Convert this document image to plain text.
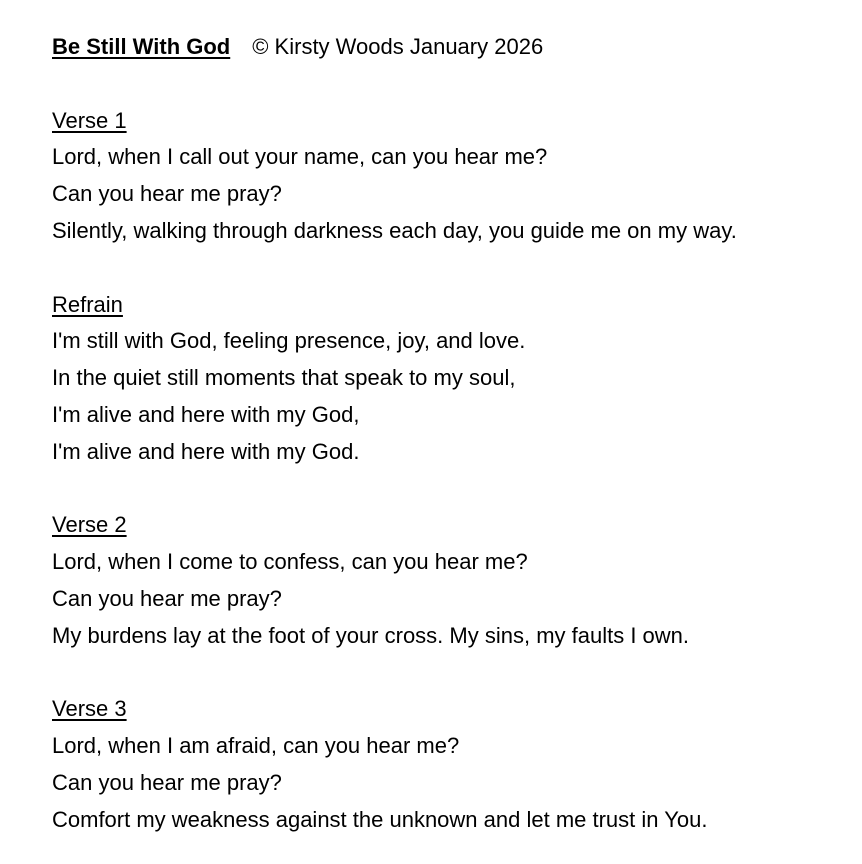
Be Still With God © Kirsty Woods January 2026
Verse 1
Lord, when I call out your name, can you hear me?
Can you hear me pray?
Silently, walking through darkness each day, you guide me on my way.
Refrain
I'm still with God, feeling presence, joy, and love.
In the quiet still moments that speak to my soul,
I'm alive and here with my God,
I'm alive and here with my God.
Verse 2
Lord, when I come to confess, can you hear me?
Can you hear me pray?
My burdens lay at the foot of your cross. My sins, my faults I own.
Verse 3
Lord, when I am afraid, can you hear me?
Can you hear me pray?
Comfort my weakness against the unknown and let me trust in You.
